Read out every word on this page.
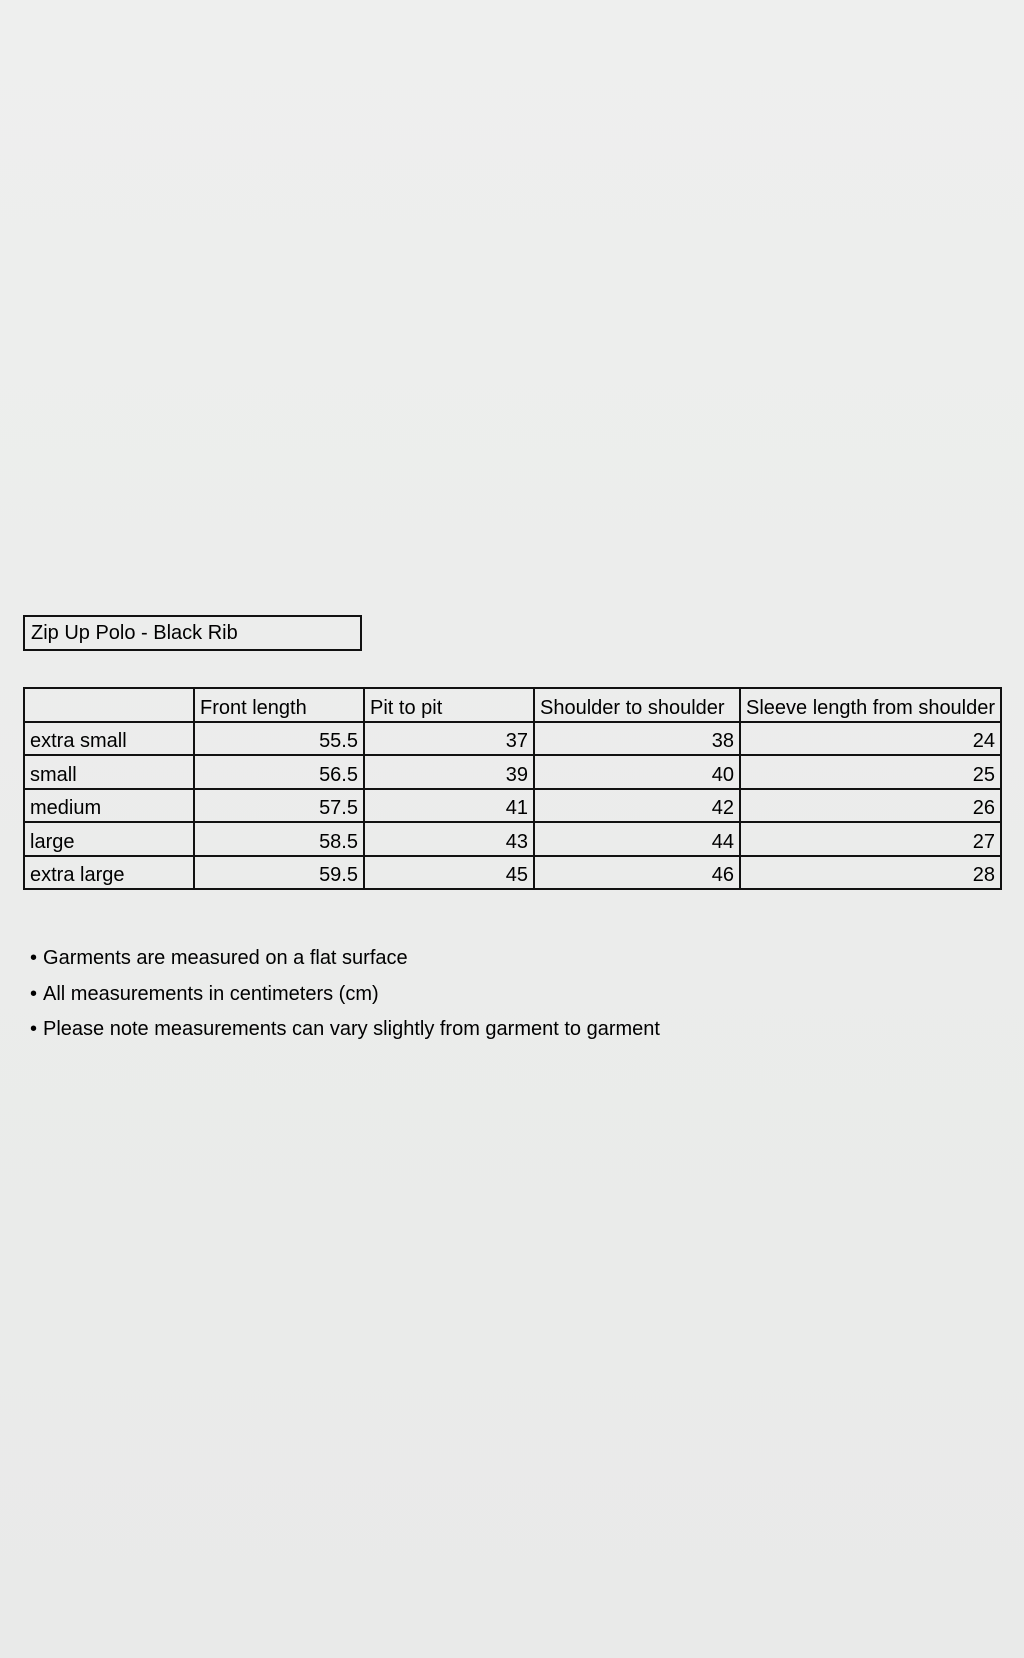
Zip Up Polo - Black Rib
	Front length	Pit to pit	Shoulder to shoulder	Sleeve length from shoulder
extra small	55.5	37	38	24
small	56.5	39	40	25
medium	57.5	41	42	26
large	58.5	43	44	27
extra large	59.5	45	46	28
• Garments are measured on a flat surface
• All measurements in centimeters (cm)
• Please note measurements can vary slightly from garment to garment
